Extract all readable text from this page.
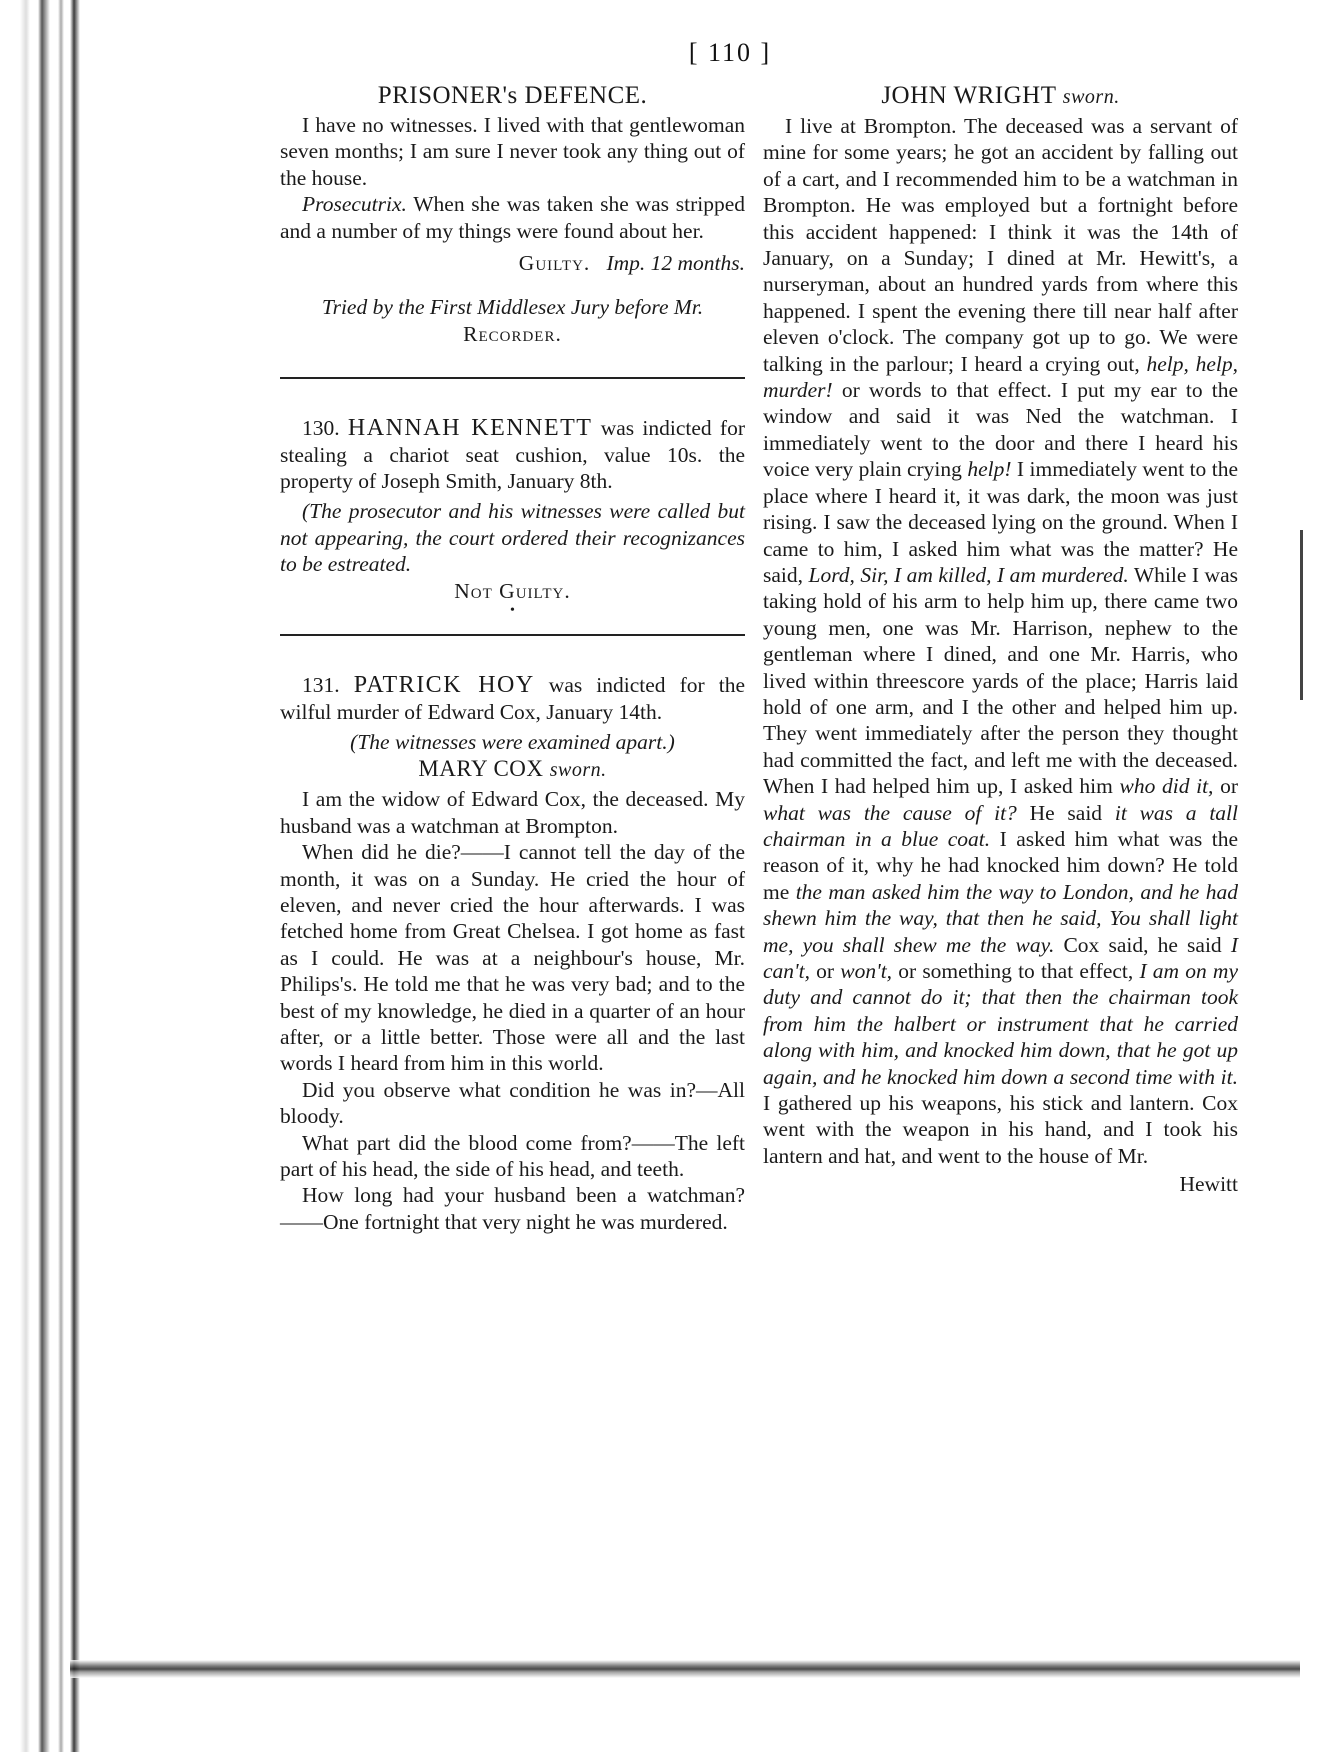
[ 110 ]
PRISONER's DEFENCE.

I have no witnesses. I lived with that gentlewoman seven months; I am sure I never took any thing out of the house.

Prosecutrix. When she was taken she was stripped and a number of my things were found about her.

Guilty. Imp. 12 months.

Tried by the First Middlesex Jury before Mr.

Recorder.

130. HANNAH KENNETT was indicted for stealing a chariot seat cushion, value 10s. the property of Joseph Smith, January 8th.

(The prosecutor and his witnesses were called but not appearing, the court ordered their recognizances to be estreated.

Not Guilty.

•

131. PATRICK HOY was indicted for the wilful murder of Edward Cox, January 14th.

(The witnesses were examined apart.)

MARY COX sworn.

I am the widow of Edward Cox, the deceased. My husband was a watchman at Brompton.

When did he die?——I cannot tell the day of the month, it was on a Sunday. He cried the hour of eleven, and never cried the hour afterwards. I was fetched home from Great Chelsea. I got home as fast as I could. He was at a neighbour's house, Mr. Philips's. He told me that he was very bad; and to the best of my knowledge, he died in a quarter of an hour after, or a little better. Those were all and the last words I heard from him in this world.

Did you observe what condition he was in?—All bloody.

What part did the blood come from?——The left part of his head, the side of his head, and teeth.

How long had your husband been a watchman?——One fortnight that very night he was murdered.

JOHN WRIGHT sworn.

I live at Brompton. The deceased was a servant of mine for some years; he got an accident by falling out of a cart, and I recommended him to be a watchman in Brompton. He was employed but a fortnight before this accident happened: I think it was the 14th of January, on a Sunday; I dined at Mr. Hewitt's, a nurseryman, about an hundred yards from where this happened. I spent the evening there till near half after eleven o'clock. The company got up to go. We were talking in the parlour; I heard a crying out, help, help, murder! or words to that effect. I put my ear to the window and said it was Ned the watchman. I immediately went to the door and there I heard his voice very plain crying help! I immediately went to the place where I heard it, it was dark, the moon was just rising. I saw the deceased lying on the ground. When I came to him, I asked him what was the matter? He said, Lord, Sir, I am killed, I am murdered. While I was taking hold of his arm to help him up, there came two young men, one was Mr. Harrison, nephew to the gentleman where I dined, and one Mr. Harris, who lived within threescore yards of the place; Harris laid hold of one arm, and I the other and helped him up. They went immediately after the person they thought had committed the fact, and left me with the deceased. When I had helped him up, I asked him who did it, or what was the cause of it? He said it was a tall chairman in a blue coat. I asked him what was the reason of it, why he had knocked him down? He told me the man asked him the way to London, and he had shewn him the way, that then he said, You shall light me, you shall shew me the way. Cox said, he said I can't, or won't, or something to that effect, I am on my duty and cannot do it; that then the chairman took from him the halbert or instrument that he carried along with him, and knocked him down, that he got up again, and he knocked him down a second time with it. I gathered up his weapons, his stick and lantern. Cox went with the weapon in his hand, and I took his lantern and hat, and went to the house of Mr.

Hewitt
